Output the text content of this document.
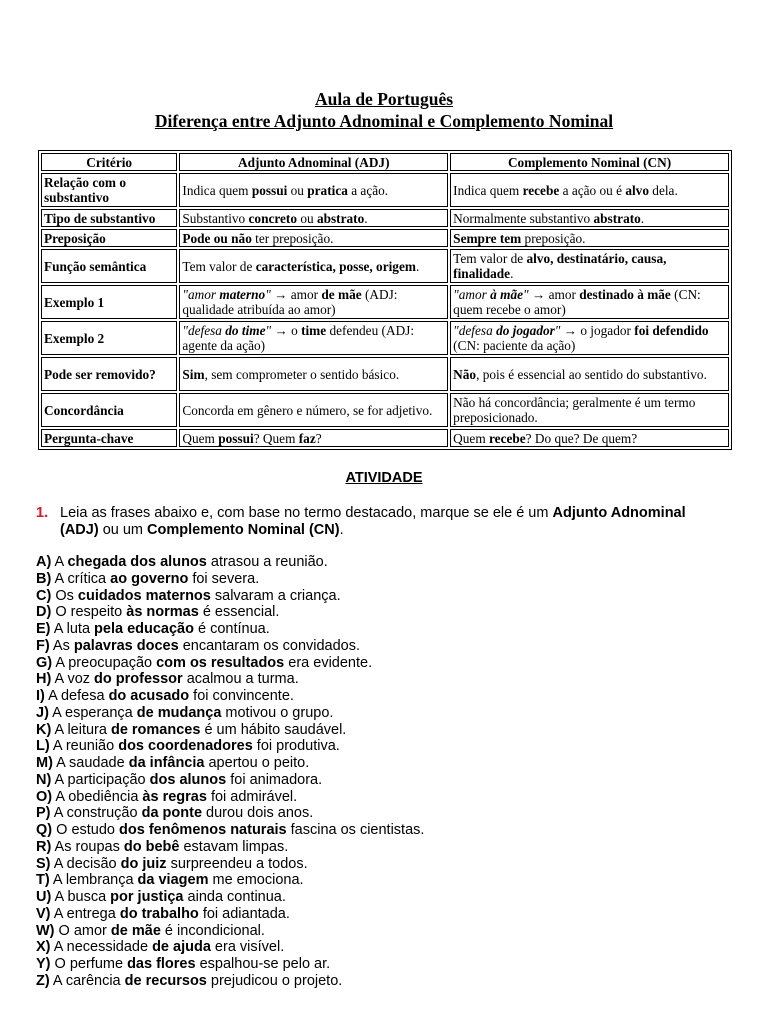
Aula de Português
Diferença entre Adjunto Adnominal e Complemento Nominal
Critério	Adjunto Adnominal (ADJ)	Complemento Nominal (CN)
Relação com o substantivo	Indica quem possui ou pratica a ação.	Indica quem recebe a ação ou é alvo dela.
Tipo de substantivo	Substantivo concreto ou abstrato.	Normalmente substantivo abstrato.
Preposição	Pode ou não ter preposição.	Sempre tem preposição.
Função semântica	Tem valor de característica, posse, origem.	Tem valor de alvo, destinatário, causa, finalidade.
Exemplo 1	"amor materno" → amor de mãe (ADJ: qualidade atribuída ao amor)	"amor à mãe" → amor destinado à mãe (CN: quem recebe o amor)
Exemplo 2	"defesa do time" → o time defendeu (ADJ: agente da ação)	"defesa do jogador" → o jogador foi defendido (CN: paciente da ação)
Pode ser removido?	Sim, sem comprometer o sentido básico.	Não, pois é essencial ao sentido do substantivo.
Concordância	Concorda em gênero e número, se for adjetivo.	Não há concordância; geralmente é um termo preposicionado.
Pergunta-chave	Quem possui? Quem faz?	Quem recebe? Do que? De quem?
ATIVIDADE
1. Leia as frases abaixo e, com base no termo destacado, marque se ele é um Adjunto Adnominal (ADJ) ou um Complemento Nominal (CN).
A) A chegada dos alunos atrasou a reunião.
B) A crítica ao governo foi severa.
C) Os cuidados maternos salvaram a criança.
D) O respeito às normas é essencial.
E) A luta pela educação é contínua.
F) As palavras doces encantaram os convidados.
G) A preocupação com os resultados era evidente.
H) A voz do professor acalmou a turma.
I) A defesa do acusado foi convincente.
J) A esperança de mudança motivou o grupo.
K) A leitura de romances é um hábito saudável.
L) A reunião dos coordenadores foi produtiva.
M) A saudade da infância apertou o peito.
N) A participação dos alunos foi animadora.
O) A obediência às regras foi admirável.
P) A construção da ponte durou dois anos.
Q) O estudo dos fenômenos naturais fascina os cientistas.
R) As roupas do bebê estavam limpas.
S) A decisão do juiz surpreendeu a todos.
T) A lembrança da viagem me emociona.
U) A busca por justiça ainda continua.
V) A entrega do trabalho foi adiantada.
W) O amor de mãe é incondicional.
X) A necessidade de ajuda era visível.
Y) O perfume das flores espalhou-se pelo ar.
Z) A carência de recursos prejudicou o projeto.
